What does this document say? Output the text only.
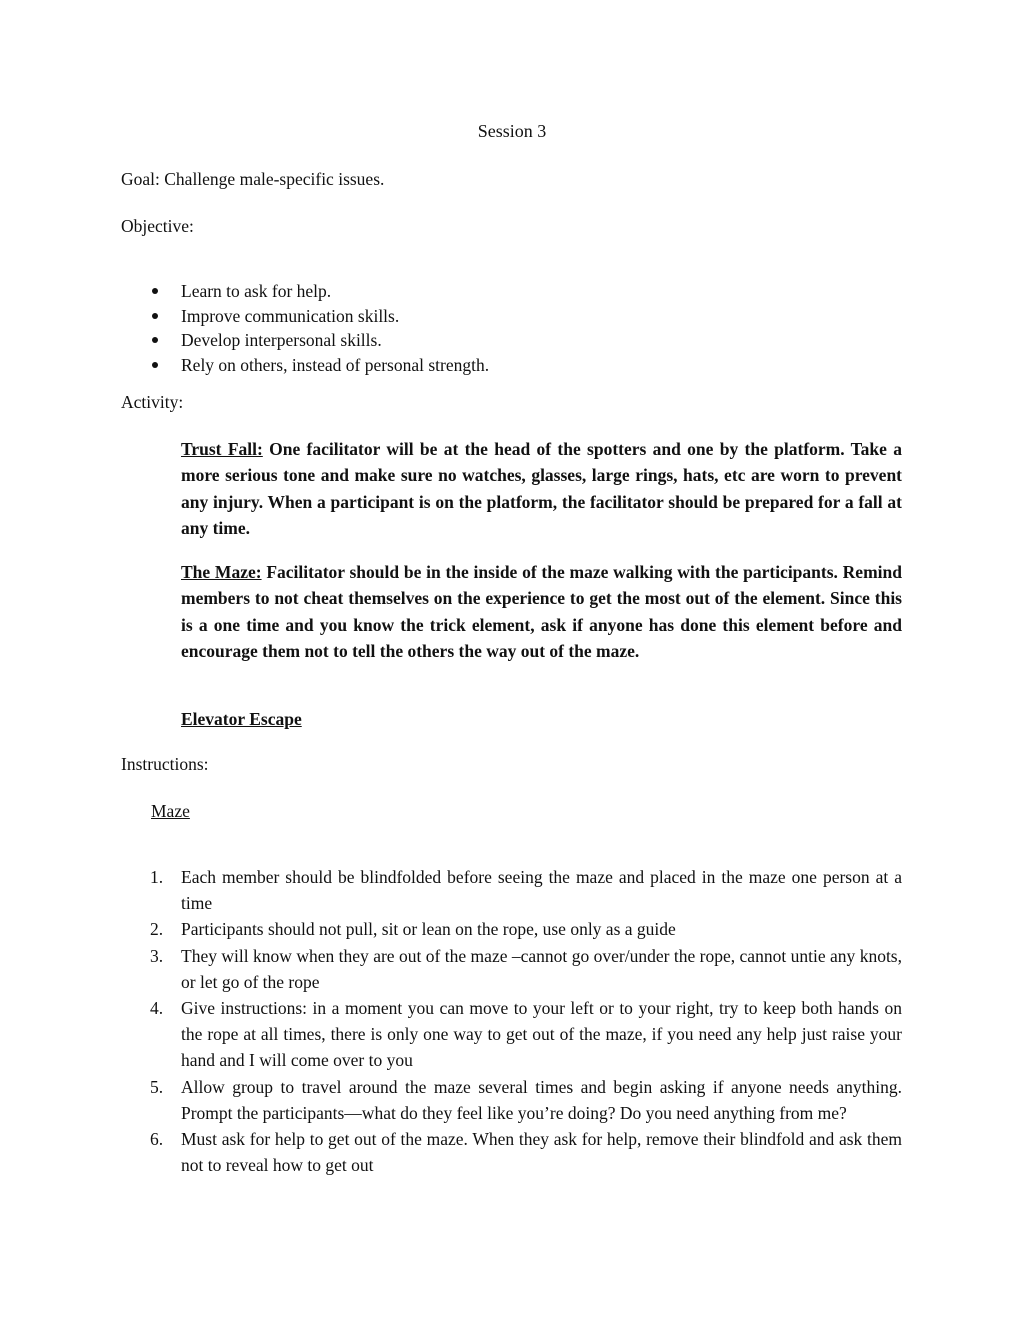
Session 3
Goal: Challenge male-specific issues.
Objective:
Learn to ask for help.
Improve communication skills.
Develop interpersonal skills.
Rely on others, instead of personal strength.
Activity:

Trust Fall: One facilitator will be at the head of the spotters and one by the platform. Take a more serious tone and make sure no watches, glasses, large rings, hats, etc are worn to prevent any injury. When a participant is on the platform, the facilitator should be prepared for a fall at any time.

The Maze: Facilitator should be in the inside of the maze walking with the participants. Remind members to not cheat themselves on the experience to get the most out of the element. Since this is a one time and you know the trick element, ask if anyone has done this element before and encourage them not to tell the others the way out of the maze.

Elevator Escape
Instructions:
Maze
1. Each member should be blindfolded before seeing the maze and placed in the maze one person at a time
2. Participants should not pull, sit or lean on the rope, use only as a guide
3. They will know when they are out of the maze –cannot go over/under the rope, cannot untie any knots, or let go of the rope
4. Give instructions: in a moment you can move to your left or to your right, try to keep both hands on the rope at all times, there is only one way to get out of the maze, if you need any help just raise your hand and I will come over to you
5. Allow group to travel around the maze several times and begin asking if anyone needs anything. Prompt the participants—what do they feel like you’re doing? Do you need anything from me?
6. Must ask for help to get out of the maze. When they ask for help, remove their blindfold and ask them not to reveal how to get out
